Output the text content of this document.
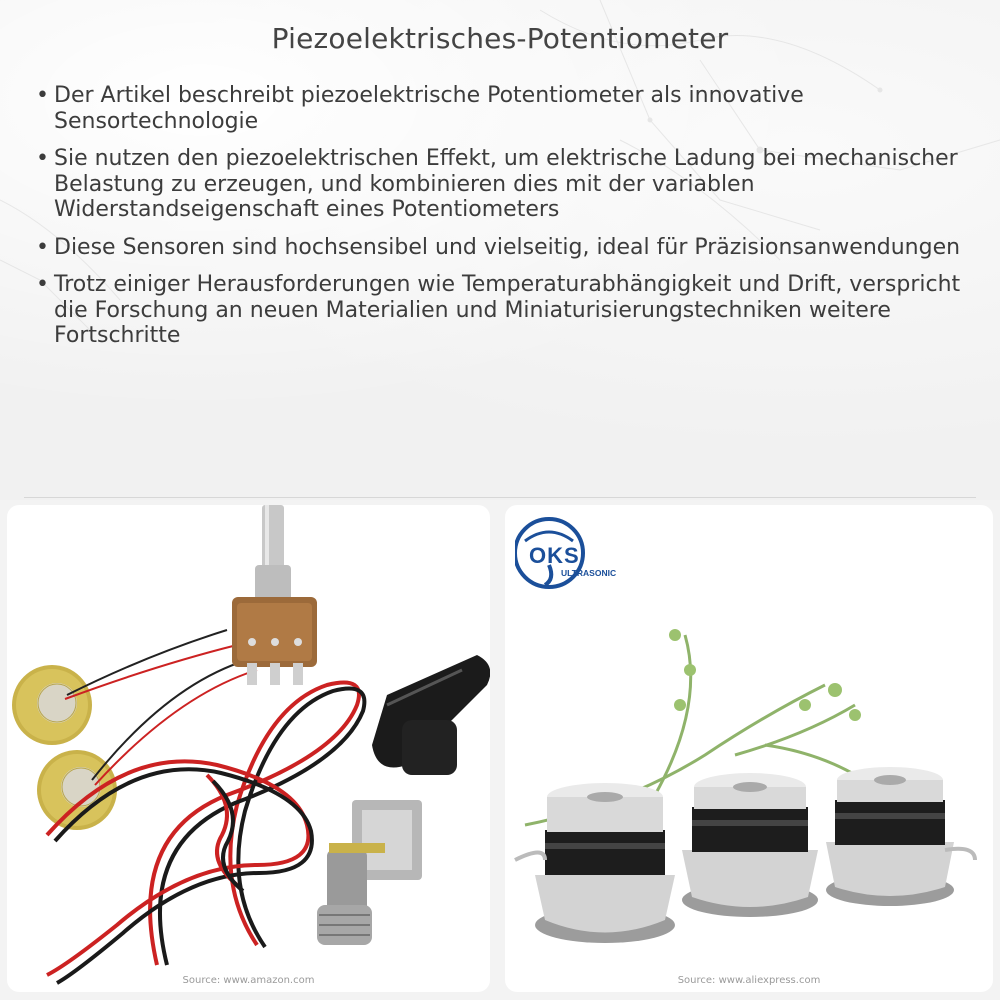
Piezoelektrisches-Potentiometer
• Der Artikel beschreibt piezoelektrische Potentiometer als innovative Sensortechnologie
• Sie nutzen den piezoelektrischen Effekt, um elektrische Ladung bei mechanischer Belastung zu erzeugen, und kombinieren dies mit der variablen Widerstandseigenschaft eines Potentiometers
• Diese Sensoren sind hochsensibel und vielseitig, ideal für Präzisionsanwendungen
• Trotz einiger Herausforderungen wie Temperaturabhängigkeit und Drift, verspricht die Forschung an neuen Materialien und Miniaturisierungstechniken weitere Fortschritte
Source: www.amazon.com
OKS
ULTRASONIC
Source: www.aliexpress.com
